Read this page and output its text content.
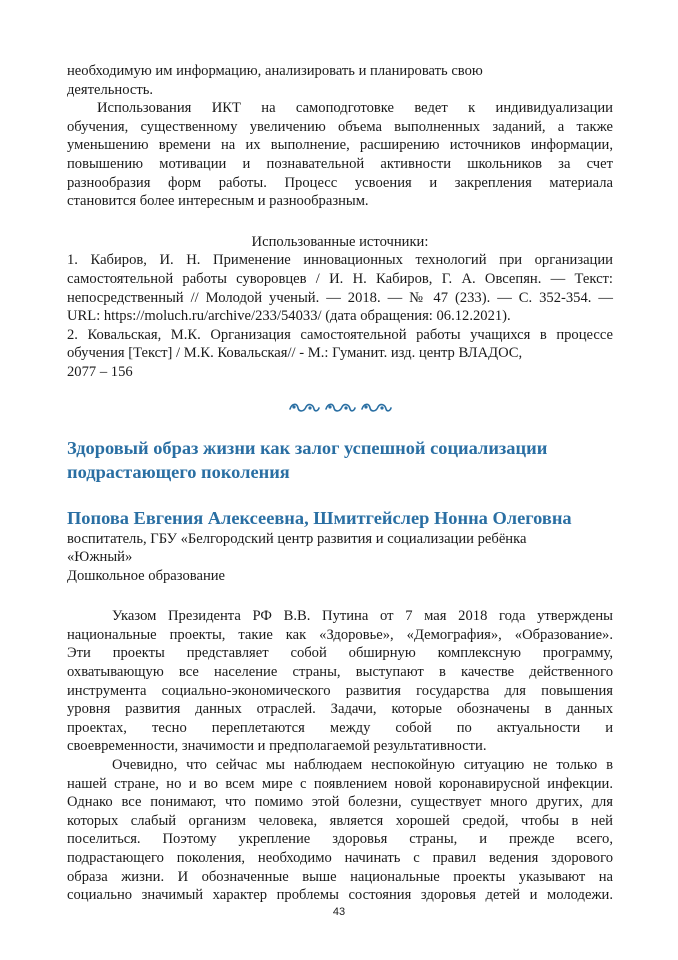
необходимую им информацию, анализировать и планировать свою
деятельность.
Использования ИКТ на самоподготовке ведет к индивидуализации
обучения, существенному увеличению объема выполненных заданий, а также
уменьшению времени на их выполнение, расширению источников информации,
повышению мотивации и познавательной активности школьников за счет
разнообразия форм работы. Процесс усвоения и закрепления материала
становится более интересным и разнообразным.
Использованные источники:
1. Кабиров, И. Н. Применение инновационных технологий при организации
самостоятельной работы суворовцев / И. Н. Кабиров, Г. А. Овсепян. — Текст:
непосредственный // Молодой ученый. — 2018. — № 47 (233). — С. 352-354. —
URL: https://moluch.ru/archive/233/54033/ (дата обращения: 06.12.2021).
2. Ковальская, М.К. Организация самостоятельной работы учащихся в процессе
обучения [Текст] / М.К. Ковальская// - М.: Гуманит. изд. центр ВЛАДОС,
2077 – 156
Здоровый образ жизни как залог успешной социализации
подрастающего поколения
Попова Евгения Алексеевна, Шмитгейслер Нонна Олеговна
воспитатель, ГБУ «Белгородский центр развития и социализации ребёнка
«Южный»
Дошкольное образование
Указом Президента РФ В.В. Путина от 7 мая 2018 года утверждены
национальные проекты, такие как «Здоровье», «Демография», «Образование».
Эти проекты представляет собой обширную комплексную программу,
охватывающую все население страны, выступают в качестве действенного
инструмента социально-экономического развития государства для повышения
уровня развития данных отраслей. Задачи, которые обозначены в данных
проектах, тесно переплетаются между собой по актуальности и
своевременности, значимости и предполагаемой результативности.
Очевидно, что сейчас мы наблюдаем неспокойную ситуацию не только в
нашей стране, но и во всем мире с появлением новой коронавирусной инфекции.
Однако все понимают, что помимо этой болезни, существует много других, для
которых слабый организм человека, является хорошей средой, чтобы в ней
поселиться. Поэтому укрепление здоровья страны, и прежде всего,
подрастающего поколения, необходимо начинать с правил ведения здорового
образа жизни. И обозначенные выше национальные проекты указывают на
социально значимый характер проблемы состояния здоровья детей и молодежи.
43
